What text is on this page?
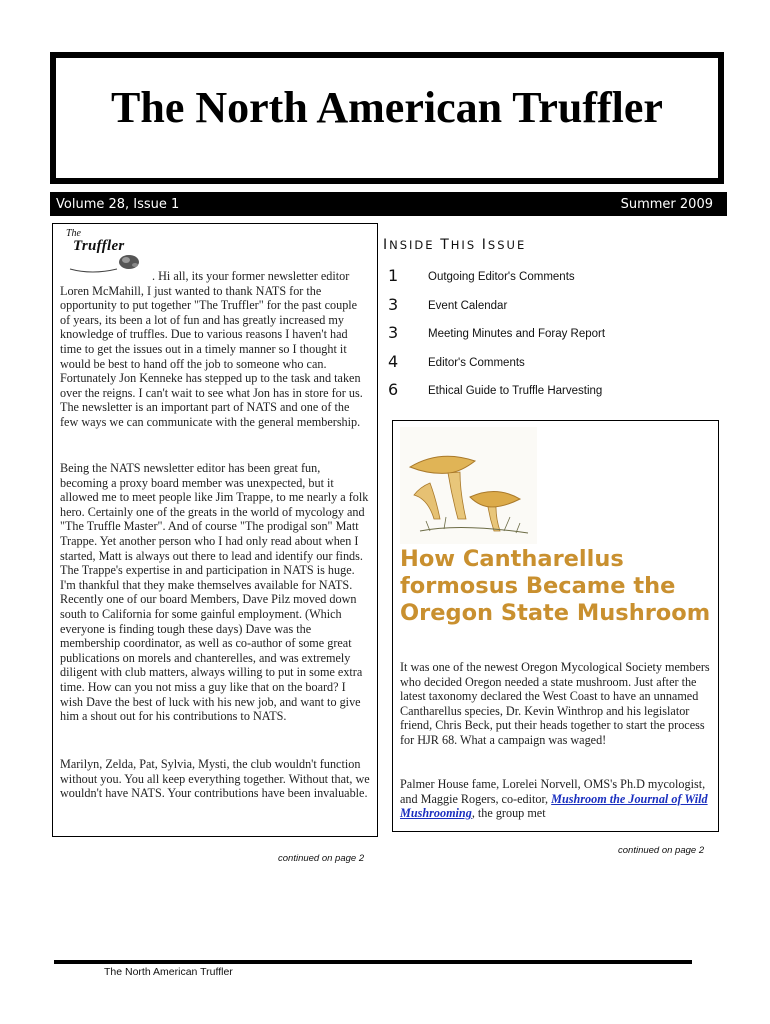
The North American Truffler
Volume 28, Issue 1	Summer 2009
The
Truffler

. Hi all, its your former newsletter editor
Loren McMahill, I just wanted to thank NATS for the opportunity to put together "The Truffler" for the past couple of years, its been a lot of fun and has greatly increased my knowledge of truffles. Due to various reasons I haven't had time to get the issues out in a timely manner so I thought it would be best to hand off the job to someone who can. Fortunately Jon Kenneke has stepped up to the task and taken over the reigns. I can't wait to see what Jon has in store for us. The newsletter is an important part of NATS and one of the few ways we can communicate with the general membership.

Being the NATS newsletter editor has been great fun, becoming a proxy board member was unexpected, but it allowed me to meet people like Jim Trappe, to me nearly a folk hero. Certainly one of the greats in the world of mycology and "The Truffle Master". And of course "The prodigal son" Matt Trappe. Yet another person who I had only read about when I started, Matt is always out there to lead and identify our finds. The Trappe's expertise in and participation in NATS is huge. I'm thankful that they make themselves available for NATS. Recently one of our board Members, Dave Pilz moved down south to California for some gainful employment. (Which everyone is finding tough these days) Dave was the membership coordinator, as well as co-author of some great publications on morels and chanterelles, and was extremely diligent with club matters, always willing to put in some extra time. How can you not miss a guy like that on the board? I wish Dave the best of luck with his new job, and want to give him a shout out for his contributions to NATS.

Marilyn, Zelda, Pat, Sylvia, Mysti, the club wouldn't function without you. You all keep everything together. Without that, we wouldn't have NATS. Your contributions have been invaluable.

continued on page 2
INSIDE THIS ISSUE
1	Outgoing Editor's Comments
3	Event Calendar
3	Meeting Minutes and Foray Report
4	Editor's Comments
6	Ethical Guide to Truffle Harvesting
How Cantharellus formosus Became the Oregon State Mushroom

It was one of the newest Oregon Mycological Society members who decided Oregon needed a state mushroom. Just after the latest taxonomy declared the West Coast to have an unnamed Cantharellus species, Dr. Kevin Winthrop and his legislator friend, Chris Beck, put their heads together to start the process for HJR 68. What a campaign was waged!

Palmer House fame, Lorelei Norvell, OMS's Ph.D mycologist, and Maggie Rogers, co-editor, Mushroom the Journal of Wild Mushrooming, the group met

continued on page 2
The North American Truffler
